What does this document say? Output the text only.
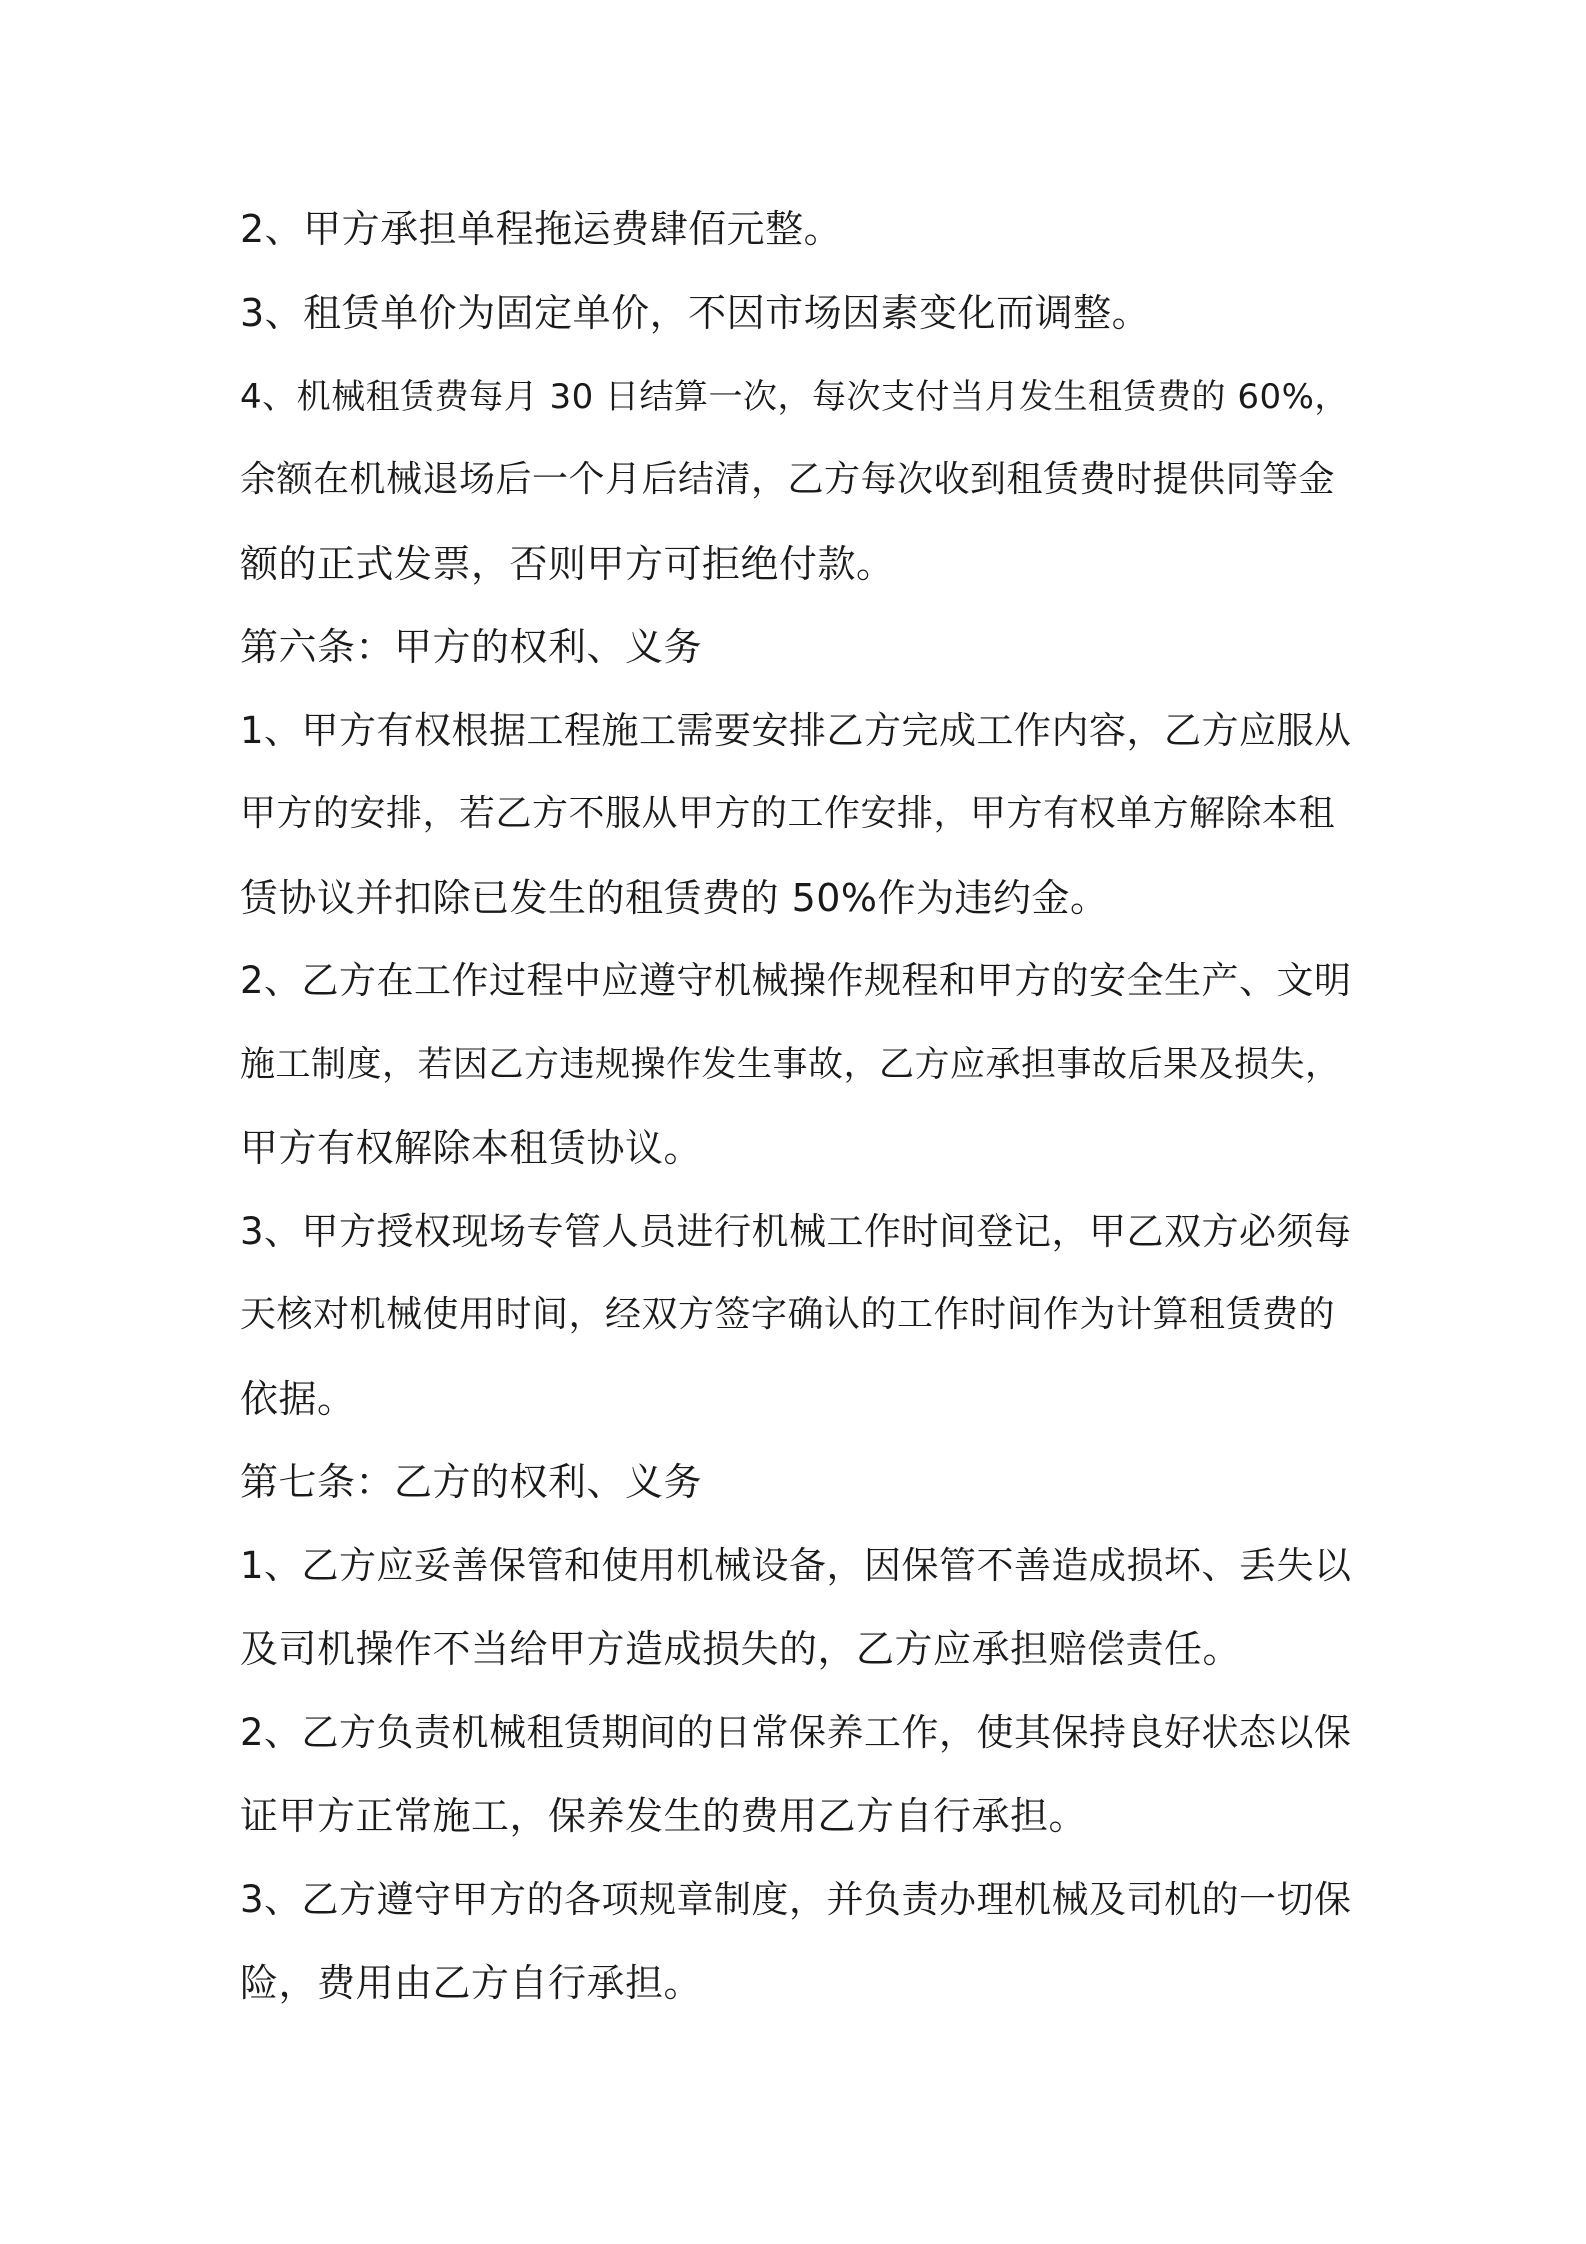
2、甲方承担单程拖运费肆佰元整。
3、租赁单价为固定单价，不因市场因素变化而调整。
4、机械租赁费每月 30 日结算一次，每次支付当月发生租赁费的 60%，
余额在机械退场后一个月后结清，乙方每次收到租赁费时提供同等金
额的正式发票，否则甲方可拒绝付款。
第六条：甲方的权利、义务
1、甲方有权根据工程施工需要安排乙方完成工作内容，乙方应服从
甲方的安排，若乙方不服从甲方的工作安排，甲方有权单方解除本租
赁协议并扣除已发生的租赁费的 50%作为违约金。
2、乙方在工作过程中应遵守机械操作规程和甲方的安全生产、文明
施工制度，若因乙方违规操作发生事故，乙方应承担事故后果及损失，
甲方有权解除本租赁协议。
3、甲方授权现场专管人员进行机械工作时间登记，甲乙双方必须每
天核对机械使用时间，经双方签字确认的工作时间作为计算租赁费的
依据。
第七条：乙方的权利、义务
1、乙方应妥善保管和使用机械设备，因保管不善造成损坏、丢失以
及司机操作不当给甲方造成损失的，乙方应承担赔偿责任。
2、乙方负责机械租赁期间的日常保养工作，使其保持良好状态以保
证甲方正常施工，保养发生的费用乙方自行承担。
3、乙方遵守甲方的各项规章制度，并负责办理机械及司机的一切保
险，费用由乙方自行承担。
